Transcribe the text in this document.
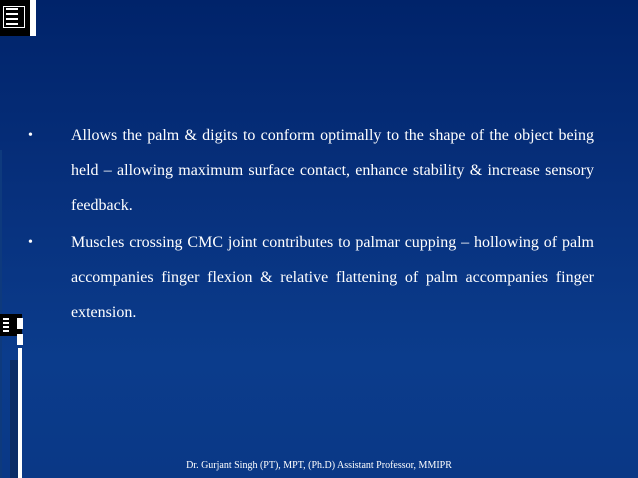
•	Allows the palm & digits to conform optimally to the shape of the object being held – allowing maximum surface contact, enhance stability & increase sensory feedback.
•	Muscles crossing CMC joint contributes to palmar cupping – hollowing of palm accompanies finger flexion & relative flattening of palm accompanies finger extension.
Dr. Gurjant Singh (PT), MPT, (Ph.D) Assistant Professor, MMIPR
